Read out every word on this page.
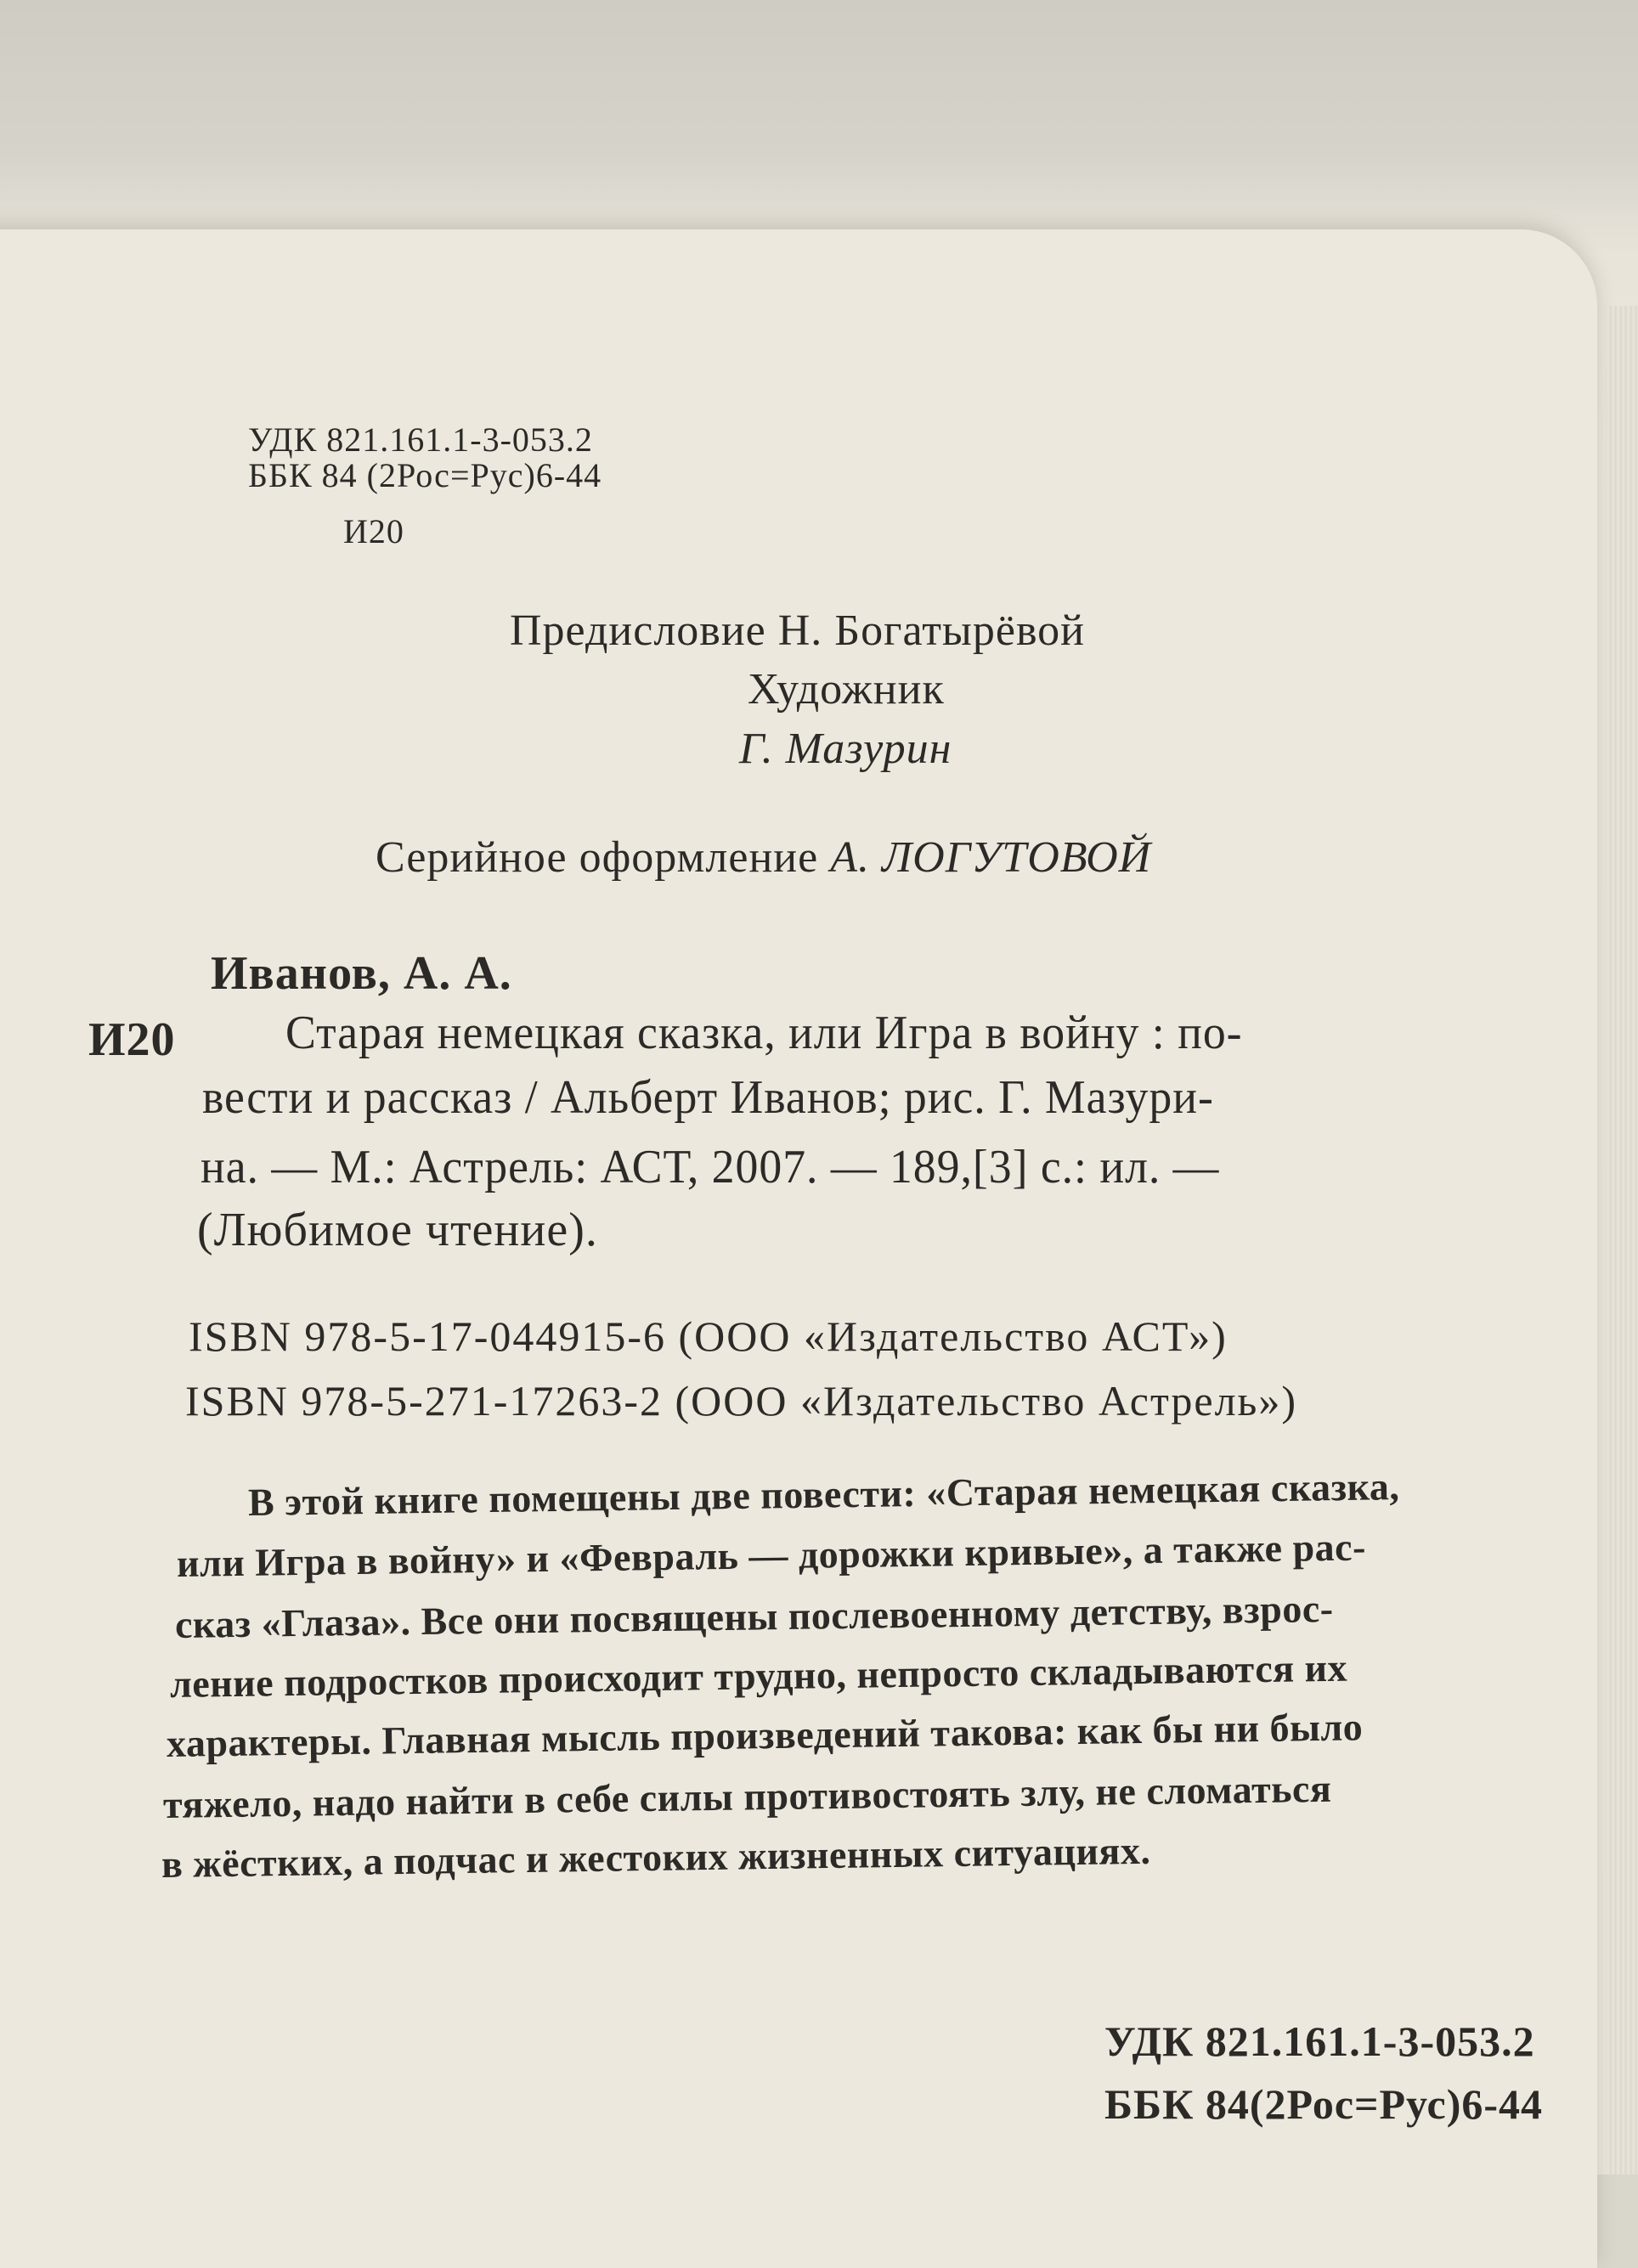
УДК 821.161.1-3-053.2
ББК 84 (2Рос=Рус)6-44
И20
Предисловие Н. Богатырёвой
Художник
Г. Мазурин
Серийное оформление А. ЛОГУТОВОЙ
Иванов, А. А.
И20 Старая немецкая сказка, или Игра в войну : по-
вести и рассказ / Альберт Иванов; рис. Г. Мазури-
на. — М.: Астрель: АСТ, 2007. — 189,[3] с.: ил. —
(Любимое чтение).
ISBN 978-5-17-044915-6 (ООО «Издательство АСТ»)
ISBN 978-5-271-17263-2 (ООО «Издательство Астрель»)
В этой книге помещены две повести: «Старая немецкая сказка,
или Игра в войну» и «Февраль — дорожки кривые», а также рас-
сказ «Глаза». Все они посвящены послевоенному детству, взрос-
ление подростков происходит трудно, непросто складываются их
характеры. Главная мысль произведений такова: как бы ни было
тяжело, надо найти в себе силы противостоять злу, не сломаться
в жёстких, а подчас и жестоких жизненных ситуациях.
УДК 821.161.1-3-053.2
ББК 84(2Рос=Рус)6-44
